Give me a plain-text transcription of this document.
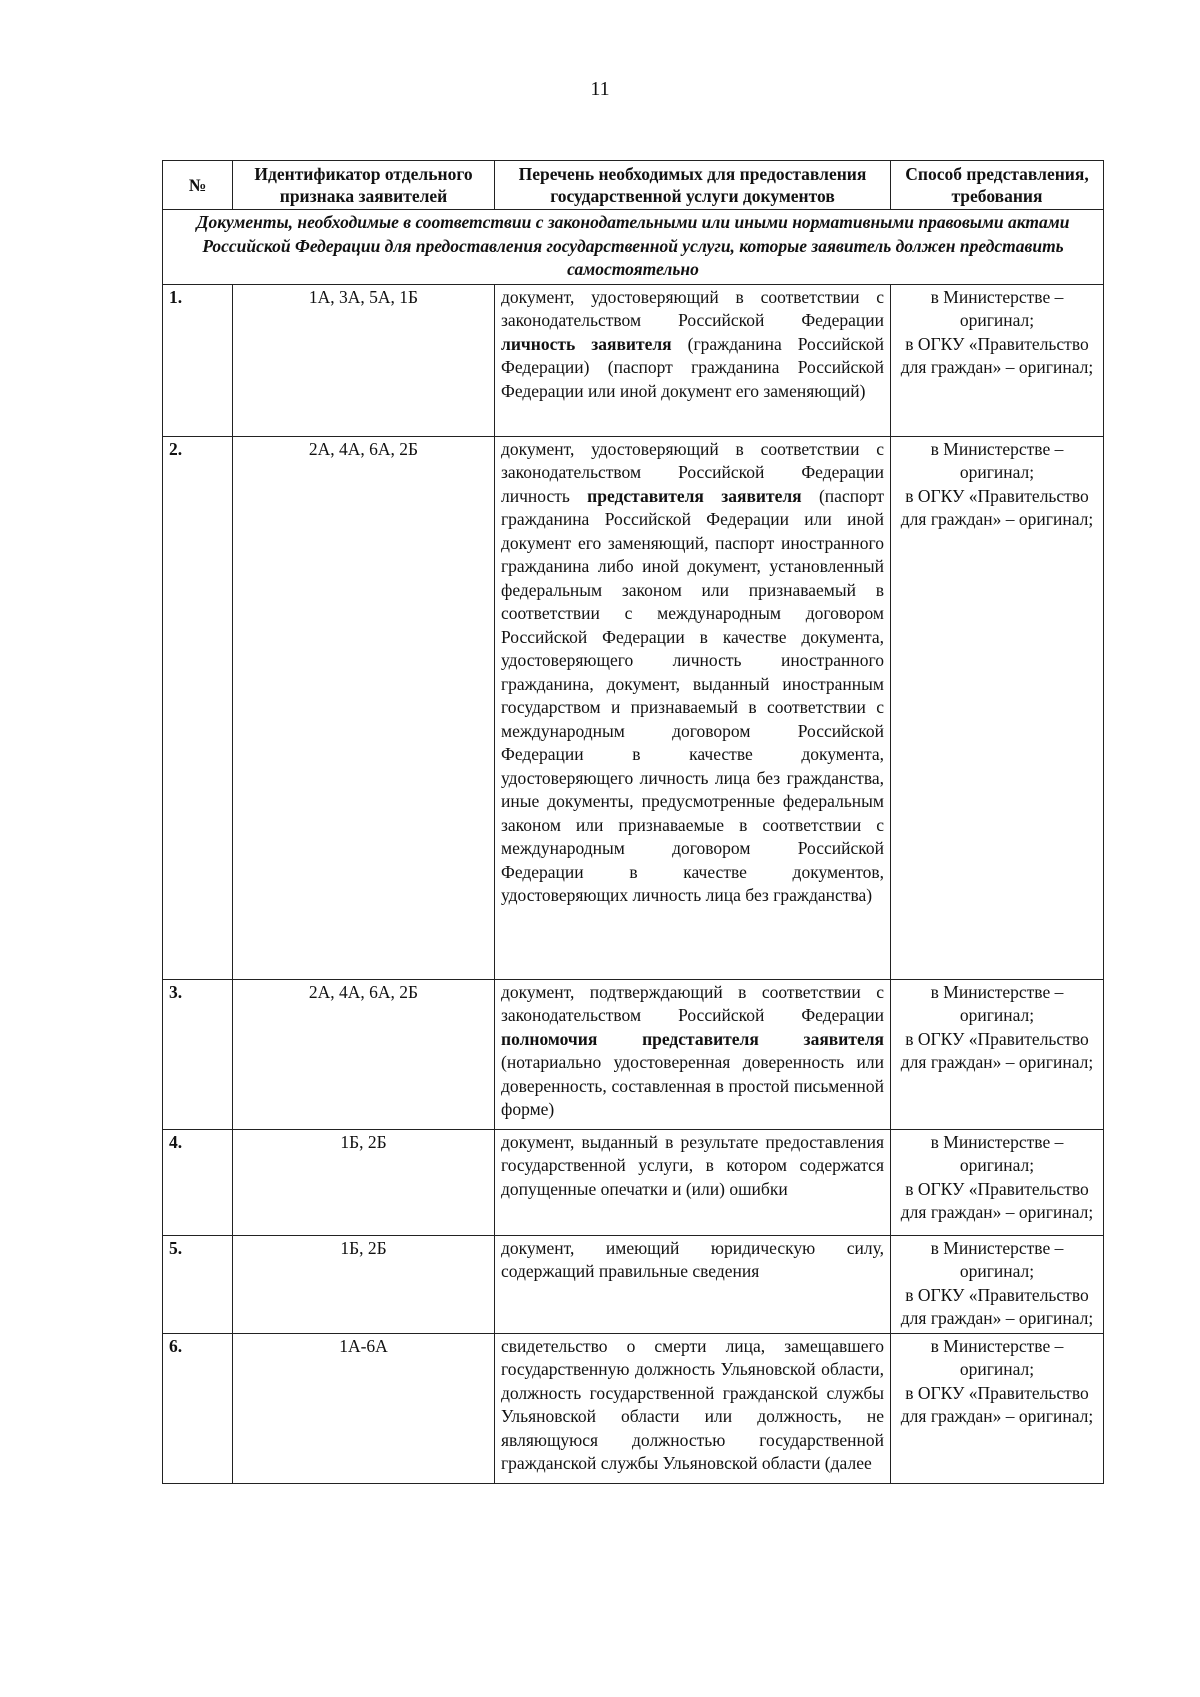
11
№	Идентификатор отдельного признака заявителей	Перечень необходимых для предоставления государственной услуги документов	Способ представления, требования
Документы, необходимые в соответствии с законодательными или иными нормативными правовыми актами Российской Федерации для предоставления государственной услуги, которые заявитель должен представить самостоятельно			
1.	1А, 3А, 5А, 1Б	документ, удостоверяющий в соответствии с законодательством Российской Федерации личность заявителя (гражданина Российской Федерации) (паспорт гражданина Российской Федерации или иной документ его заменяющий)	в Министерстве – оригинал;
в ОГКУ «Правительство для граждан» – оригинал;

2.	2А, 4А, 6А, 2Б	документ, удостоверяющий в соответствии с законодательством Российской Федерации личность представителя заявителя (паспорт гражданина Российской Федерации или иной документ его заменяющий, паспорт иностранного гражданина либо иной документ, установленный федеральным законом или признаваемый в соответствии с международным договором Российской Федерации в качестве документа, удостоверяющего личность иностранного гражданина, документ, выданный иностранным государством и признаваемый в соответствии с международным договором Российской Федерации в качестве документа, удостоверяющего личность лица без гражданства, иные документы, предусмотренные федеральным законом или признаваемые в соответствии с международным договором Российской Федерации в качестве документов, удостоверяющих личность лица без гражданства)	в Министерстве – оригинал;
в ОГКУ «Правительство для граждан» – оригинал;

3.	2А, 4А, 6А, 2Б	документ, подтверждающий в соответствии с законодательством Российской Федерации полномочия представителя заявителя (нотариально удостоверенная доверенность или доверенность, составленная в простой письменной форме)	в Министерстве – оригинал;
в ОГКУ «Правительство для граждан» – оригинал;

4.	1Б, 2Б	документ, выданный в результате предоставления государственной услуги, в котором содержатся допущенные опечатки и (или) ошибки	в Министерстве – оригинал;
в ОГКУ «Правительство для граждан» – оригинал;

5.	1Б, 2Б	документ, имеющий юридическую силу, содержащий правильные сведения	в Министерстве – оригинал;
в ОГКУ «Правительство для граждан» – оригинал;

6.	1А-6А	свидетельство о смерти лица, замещавшего государственную должность Ульяновской области, должность государственной гражданской службы Ульяновской области или должность, не являющуюся должностью государственной гражданской службы Ульяновской области (далее	в Министерстве – оригинал;
в ОГКУ «Правительство для граждан» – оригинал;
